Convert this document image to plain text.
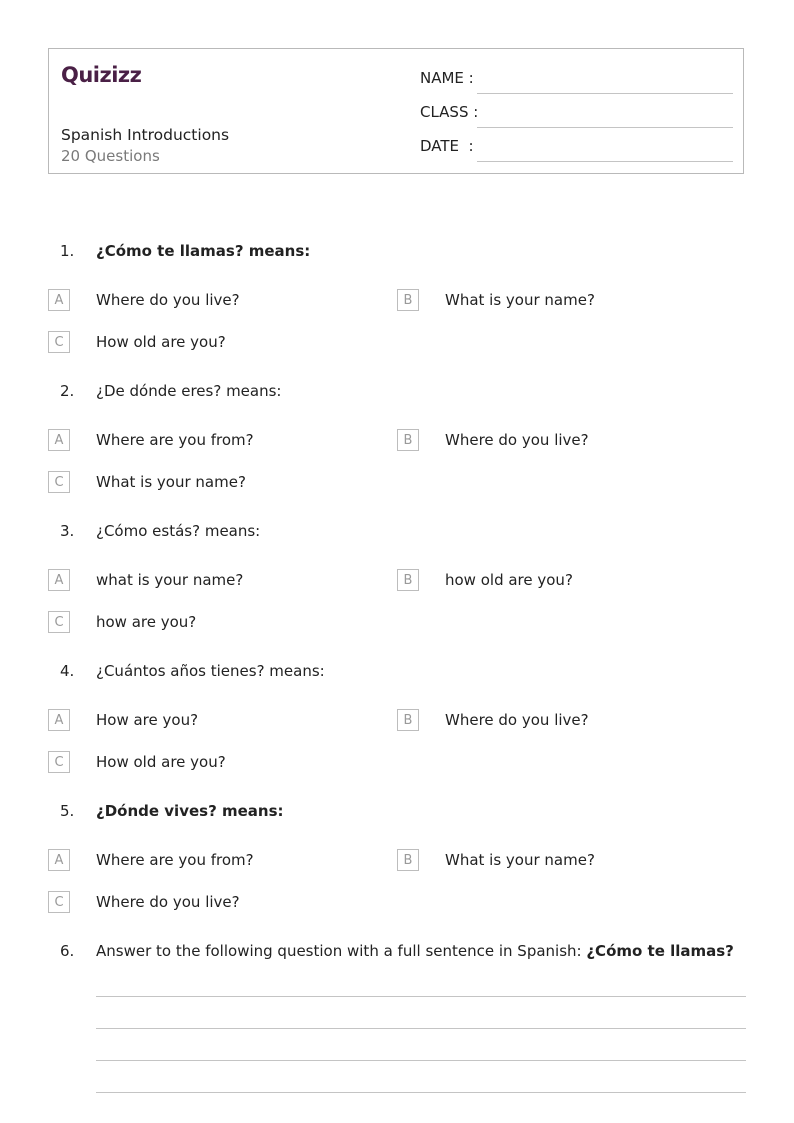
Quizizz
Spanish Introductions
20 Questions
NAME :
CLASS :
DATE  :
1. ¿Cómo te llamas? means:
A	Where do you live?	B	What is your name?
C	How old are you?
2. ¿De dónde eres? means:
A	Where are you from?	B	Where do you live?
C	What is your name?
3. ¿Cómo estás? means:
A	what is your name?	B	how old are you?
C	how are you?
4. ¿Cuántos años tienes? means:
A	How are you?	B	Where do you live?
C	How old are you?
5. ¿Dónde vives? means:
A	Where are you from?	B	What is your name?
C	Where do you live?
6. Answer to the following question with a full sentence in Spanish: ¿Cómo te llamas?
